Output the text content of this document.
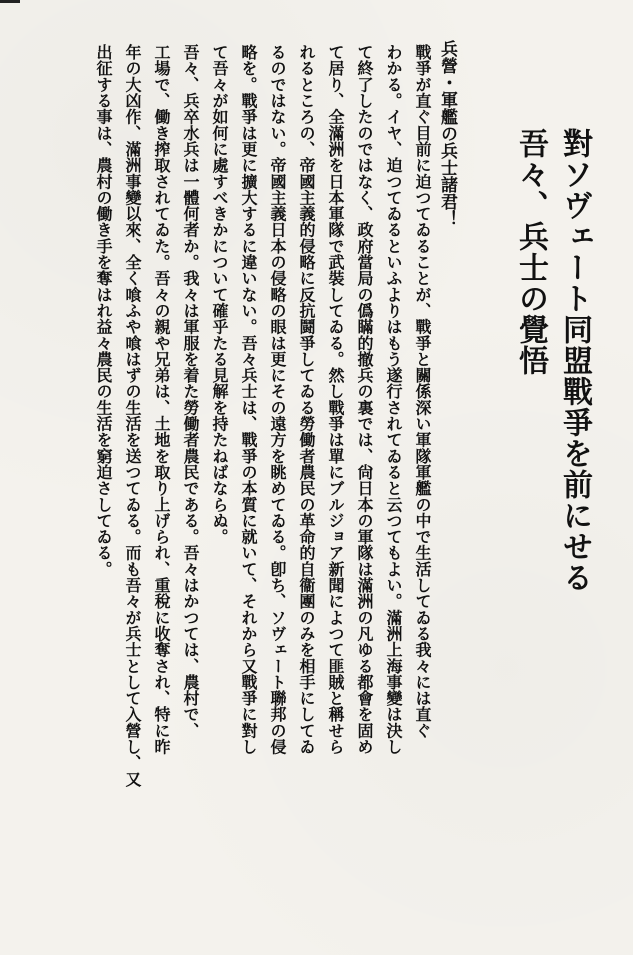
對ソヴェート同盟戰爭を前にせる
吾々、兵士の覺悟
兵營・軍艦の兵士諸君！
戰爭が直ぐ目前に迫つてゐることが、戰爭と關係深い軍隊軍艦の中で生活してゐる我々には直ぐ
わかる。イヤ、迫つてゐるといふよりはもう遂行されてゐると云つてもよい。滿洲上海事變は決し
て終了したのではなく、政府當局の僞瞞的撤兵の裏では、尙日本の軍隊は滿洲の凡ゆる都會を固め
て居り、全滿洲を日本軍隊で武裝してゐる。然し戰爭は單にブルジョア新聞によつて匪賊と稱せら
れるところの、帝國主義的侵略に反抗鬪爭してゐる勞働者農民の革命的自衞團のみを相手にしてゐ
るのではない。帝國主義日本の侵略の眼は更にその遠方を眺めてゐる。卽ち、ソヴェート聯邦の侵
略を。戰爭は更に擴大するに違いない。吾々兵士は、戰爭の本質に就いて、それから又戰爭に對し
て吾々が如何に處すべきかについて確乎たる見解を持たねばならぬ。
吾々、兵卒水兵は一體何者か。我々は軍服を着た勞働者農民である。吾々はかつては、農村で、
工場で、働き搾取されてゐた。吾々の親や兄弟は、土地を取り上げられ、重稅に收奪され、特に昨
年の大凶作、滿洲事變以來、全く喰ふや喰はずの生活を送つてゐる。而も吾々が兵士として入營し、又
出征する事は、農村の働き手を奪はれ益々農民の生活を窮迫さしてゐる。
